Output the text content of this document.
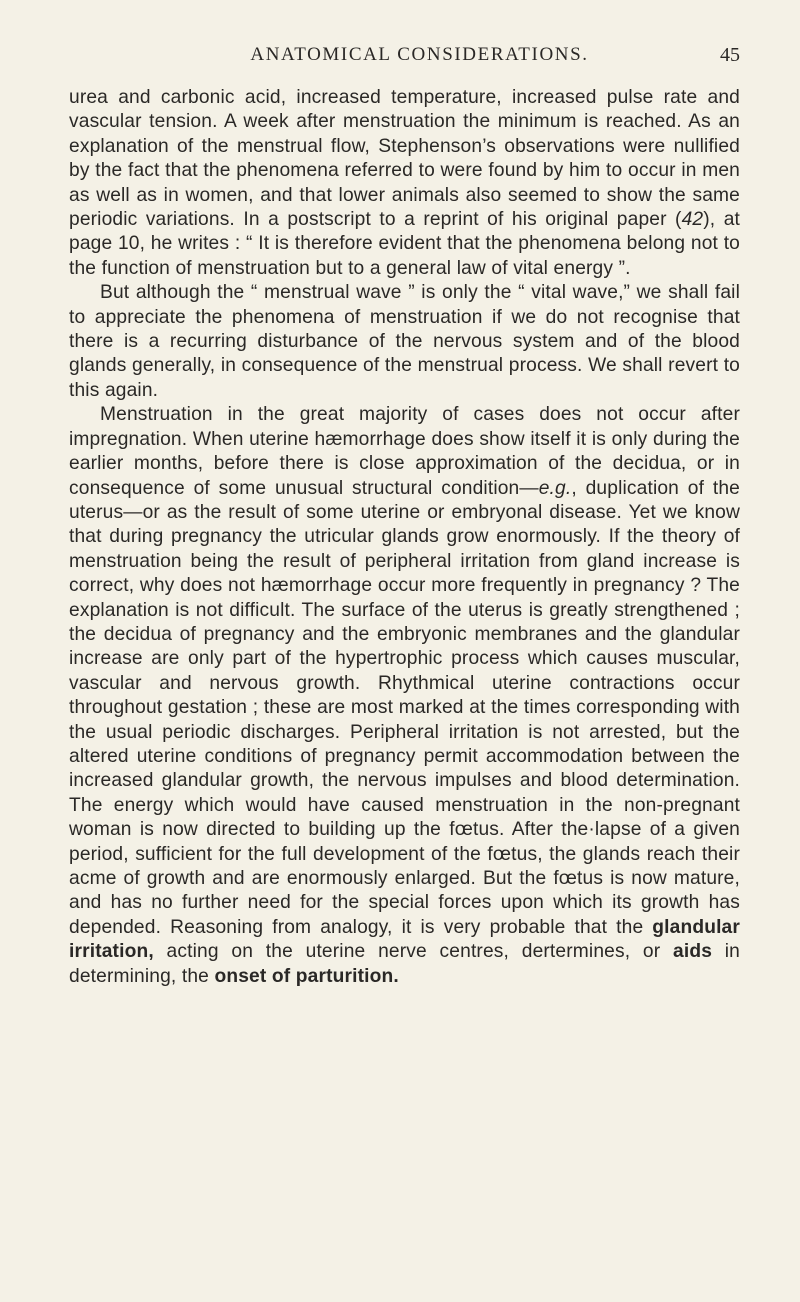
ANATOMICAL CONSIDERATIONS.	45

urea and carbonic acid, increased temperature, increased pulse rate and vascular tension. A week after menstruation the minimum is reached. As an explanation of the menstrual flow, Stephenson’s observations were nullified by the fact that the phenomena referred to were found by him to occur in men as well as in women, and that lower animals also seemed to show the same periodic variations. In a postscript to a reprint of his original paper (42), at page 10, he writes : “ It is therefore evident that the phenomena belong not to the function of menstruation but to a general law of vital energy ”.

But although the “ menstrual wave ” is only the “ vital wave,” we shall fail to appreciate the phenomena of menstruation if we do not recognise that there is a recurring disturbance of the nervous system and of the blood glands generally, in consequence of the menstrual process. We shall revert to this again.

Menstruation in the great majority of cases does not occur after impregnation. When uterine hæmorrhage does show itself it is only during the earlier months, before there is close approximation of the decidua, or in consequence of some unusual structural condition—e.g., duplication of the uterus—or as the result of some uterine or embryonal disease. Yet we know that during pregnancy the utricular glands grow enormously. If the theory of menstruation being the result of peripheral irritation from gland increase is correct, why does not hæmorrhage occur more frequently in pregnancy ? The explanation is not difficult. The surface of the uterus is greatly strengthened ; the decidua of pregnancy and the embryonic membranes and the glandular increase are only part of the hypertrophic process which causes muscular, vascular and nervous growth. Rhythmical uterine contractions occur throughout gestation ; these are most marked at the times corresponding with the usual periodic discharges. Peripheral irritation is not arrested, but the altered uterine conditions of pregnancy permit accommodation between the increased glandular growth, the nervous impulses and blood determination. The energy which would have caused menstruation in the non-pregnant woman is now directed to building up the fœtus. After the·lapse of a given period, sufficient for the full development of the fœtus, the glands reach their acme of growth and are enormously enlarged. But the fœtus is now mature, and has no further need for the special forces upon which its growth has depended. Reasoning from analogy, it is very probable that the glandular irritation, acting on the uterine nerve centres, dertermines, or aids in determining, the onset of parturition.
